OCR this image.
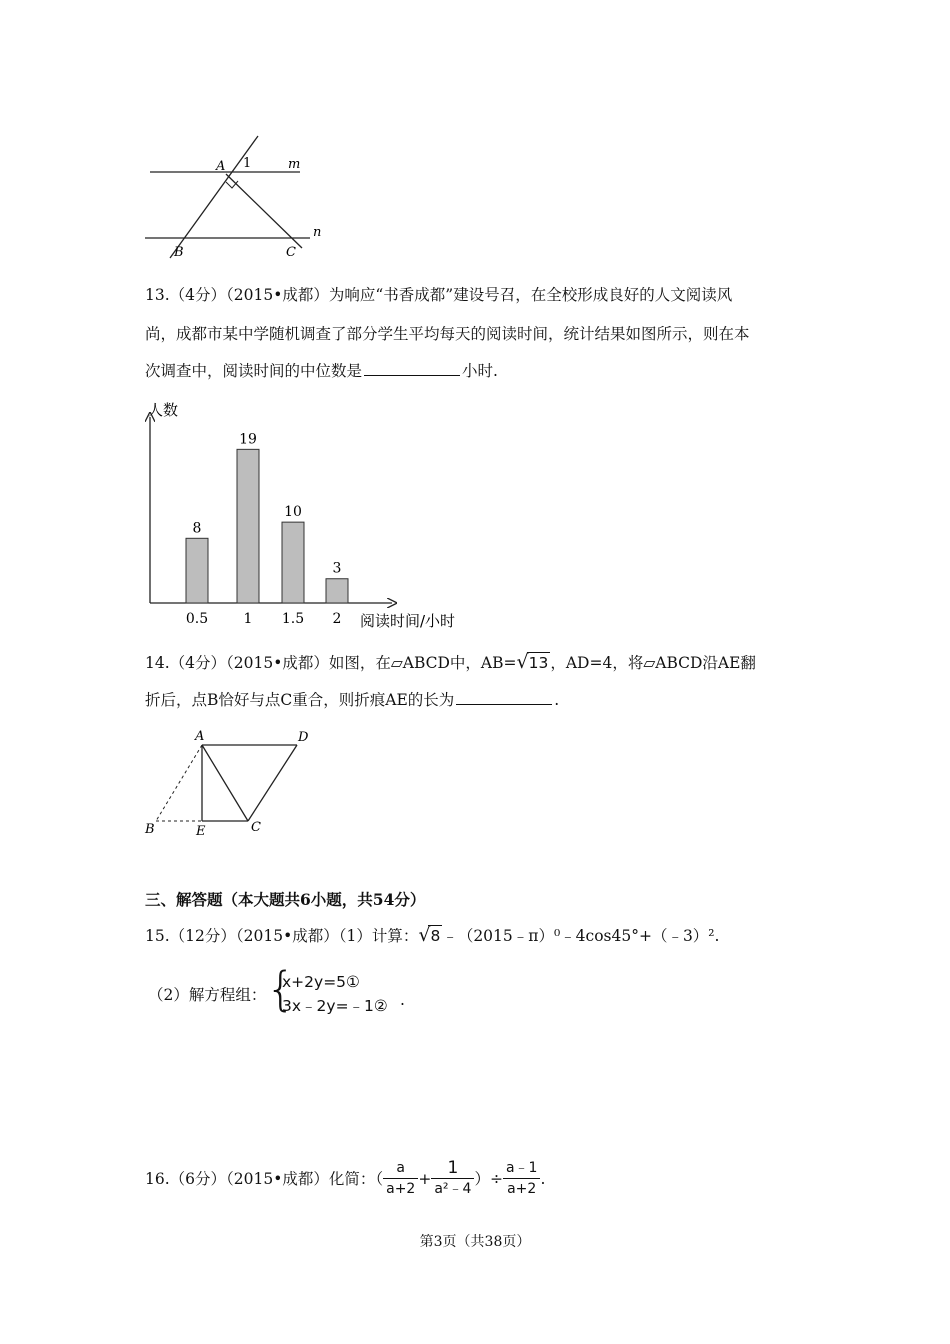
A 1	m
n
B	C
13.（4分）（2015•成都）为响应“书香成都”建设号召，在全校形成良好的人文阅读风
尚，成都市某中学随机调查了部分学生平均每天的阅读时间，统计结果如图所示，则在本
次调查中，阅读时间的中位数是	小时.
人数
阅读时间/小时
8
0.5
19
1
10
1.5
3
2
14.（4分）（2015•成都）如图，在▱ABCD中，AB=√13 ，AD=4，将▱ABCD沿AE翻
折后，点B恰好与点C重合，则折痕AE的长为	.
A	D
B	E	C
三、解答题（本大题共6小题，共54分）
15.（12分）（2015•成都）（1）计算：√8 ﹣（2015﹣π）⁰﹣4cos45°+（﹣3）².
（2）解方程组： {
x+2y=5①
3x﹣2y=﹣1② .
16.（6分）（2015•成都）化简：（ $\frac{a}{a+2} + \frac{1}{\text{a²﹣4}}$ ）÷ $\frac{a﹣1}{a+2}$ .
第3页（共38页）
